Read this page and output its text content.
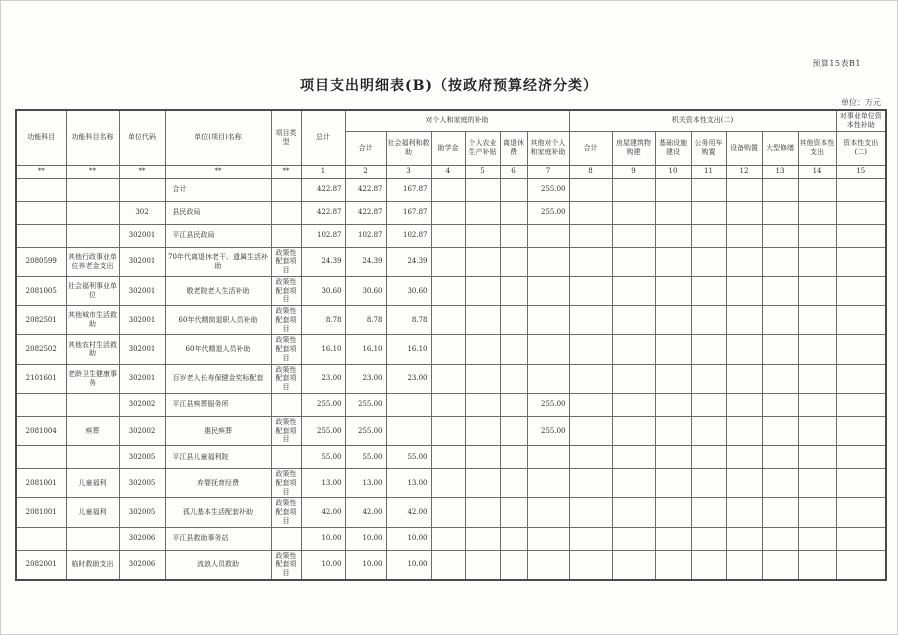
预算15表B1
项目支出明细表(B)（按政府预算经济分类）
单位：万元
功能科目	功能科目名称	单位代码	单位(项目)名称	项目类型	总计	对个人和家庭的补助						机关资本性支出(二)							对事业单位资本性补助
						合计	社会福利和救助	助学金	个人农业生产补贴	离退休费	其他对个人和家庭补助	合计	房屋建筑物购建	基础设施建设	公务用车购置	设备购置	大型修缮	其他资本性支出	资本性支出(二)
**	**	**	**	**	1	2	3	4	5	6	7	8	9	10	11	12	13	14	15
			合计		422.87	422.87	167.87				255.00								
		302	县民政局		422.87	422.87	167.87				255.00								
		302001	平江县民政局		102.87	102.87	102.87												
2080599	其他行政事业单位养老金支出	302001	70年代离退休老干、遗属生活补助	政策性配套项目	24.39	24.39	24.39												
2081005	社会福利事业单位	302001	敬老院老人生活补助	政策性配套项目	30.60	30.60	30.60												
2082501	其他城市生活救助	302001	60年代精简退职人员补助	政策性配套项目	8.78	8.78	8.78												
2082502	其他农村生活救助	302001	60年代精退人员补助	政策性配套项目	16.10	16.10	16.10												
2101601	老龄卫生健康事务	302001	百岁老人长寿保健金奖标配套	政策性配套项目	23.00	23.00	23.00												
		302002	平江县殡葬服务所		255.00	255.00					255.00								
2081004	殡葬	302002	惠民殡葬	政策性配套项目	255.00	255.00					255.00								
		302005	平江县儿童福利院		55.00	55.00	55.00												
2081001	儿童福利	302005	弃婴抚育经费	政策性配套项目	13.00	13.00	13.00												
2081001	儿童福利	302005	孤儿基本生活配套补助	政策性配套项目	42.00	42.00	42.00												
		302006	平江县救助事务站		10.00	10.00	10.00												
2082001	临时救助支出	302006	流浪人员救助	政策性配套项目	10.00	10.00	10.00												
